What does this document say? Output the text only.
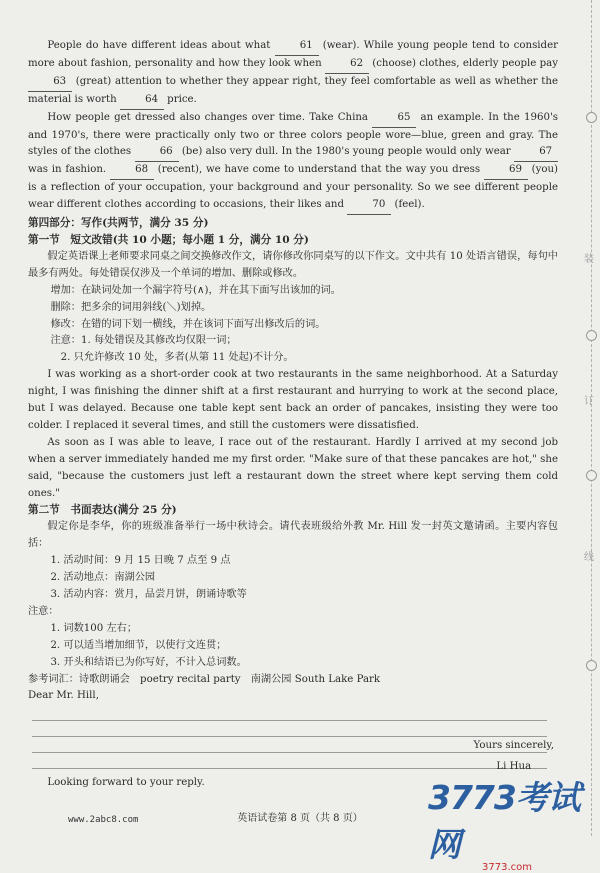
People do have different ideas about what	61 (wear). While young people tend to consider more about fashion, personality and how they look when	62 (choose) clothes, elderly people pay 63 (great) attention to whether they appear right, they feel comfortable as well as whether the material is worth	64 price.

How people get dressed also changes over time. Take China	65 an example. In the 1960's and 1970's, there were practically only two or three colors people wore—blue, green and gray. The styles of the clothes	66 (be) also very dull. In the 1980's young people would only wear	67 was in fashion.	68 (recent), we have come to understand that the way you dress	69 (you) is a reflection of your occupation, your background and your personality. So we see different people wear different clothes according to occasions, their likes and	70 (feel).

第四部分：写作(共两节，满分 35 分)

第一节　短文改错(共 10 小题；每小题 1 分，满分 10 分)

假定英语课上老师要求同桌之间交换修改作文，请你修改你同桌写的以下作文。文中共有 10 处语言错误，每句中最多有两处。每处错误仅涉及一个单词的增加、删除或修改。

增加：在缺词处加一个漏字符号(∧)，并在其下面写出该加的词。

删除：把多余的词用斜线(＼)划掉。

修改：在错的词下划一横线，并在该词下面写出修改后的词。

注意：1. 每处错误及其修改均仅限一词；

2. 只允许修改 10 处，多者(从第 11 处起)不计分。

I was working as a short-order cook at two restaurants in the same neighborhood. At a Saturday night, I was finishing the dinner shift at a first restaurant and hurrying to work at the second place, but I was delayed. Because one table kept sent back an order of pancakes, insisting they were too colder. I replaced it several times, and still the customers were dissatisfied.

As soon as I was able to leave, I race out of the restaurant. Hardly I arrived at my second job when a server immediately handed me my first order. "Make sure of that these pancakes are hot," she said, "because the customers just left a restaurant down the street where kept serving them cold ones."

第二节　书面表达(满分 25 分)

假定你是李华，你的班级准备举行一场中秋诗会。请代表班级给外教 Mr. Hill 发一封英文邀请函。主要内容包括：

1. 活动时间：9 月 15 日晚 7 点至 9 点

2. 活动地点：南湖公园

3. 活动内容：赏月，品尝月饼，朗诵诗歌等

注意：

1. 词数100 左右；

2. 可以适当增加细节，以使行文连贯；

3. 开头和结语已为你写好，不计入总词数。

参考词汇：诗歌朗诵会　poetry recital party　南湖公园 South Lake Park

Dear Mr. Hill,

Looking forward to your reply.

Yours sincerely,
Li Hua
英语试卷第 8 页（共 8 页）
www.2abc8.com
3773考试网
3773.com
装
订
线
